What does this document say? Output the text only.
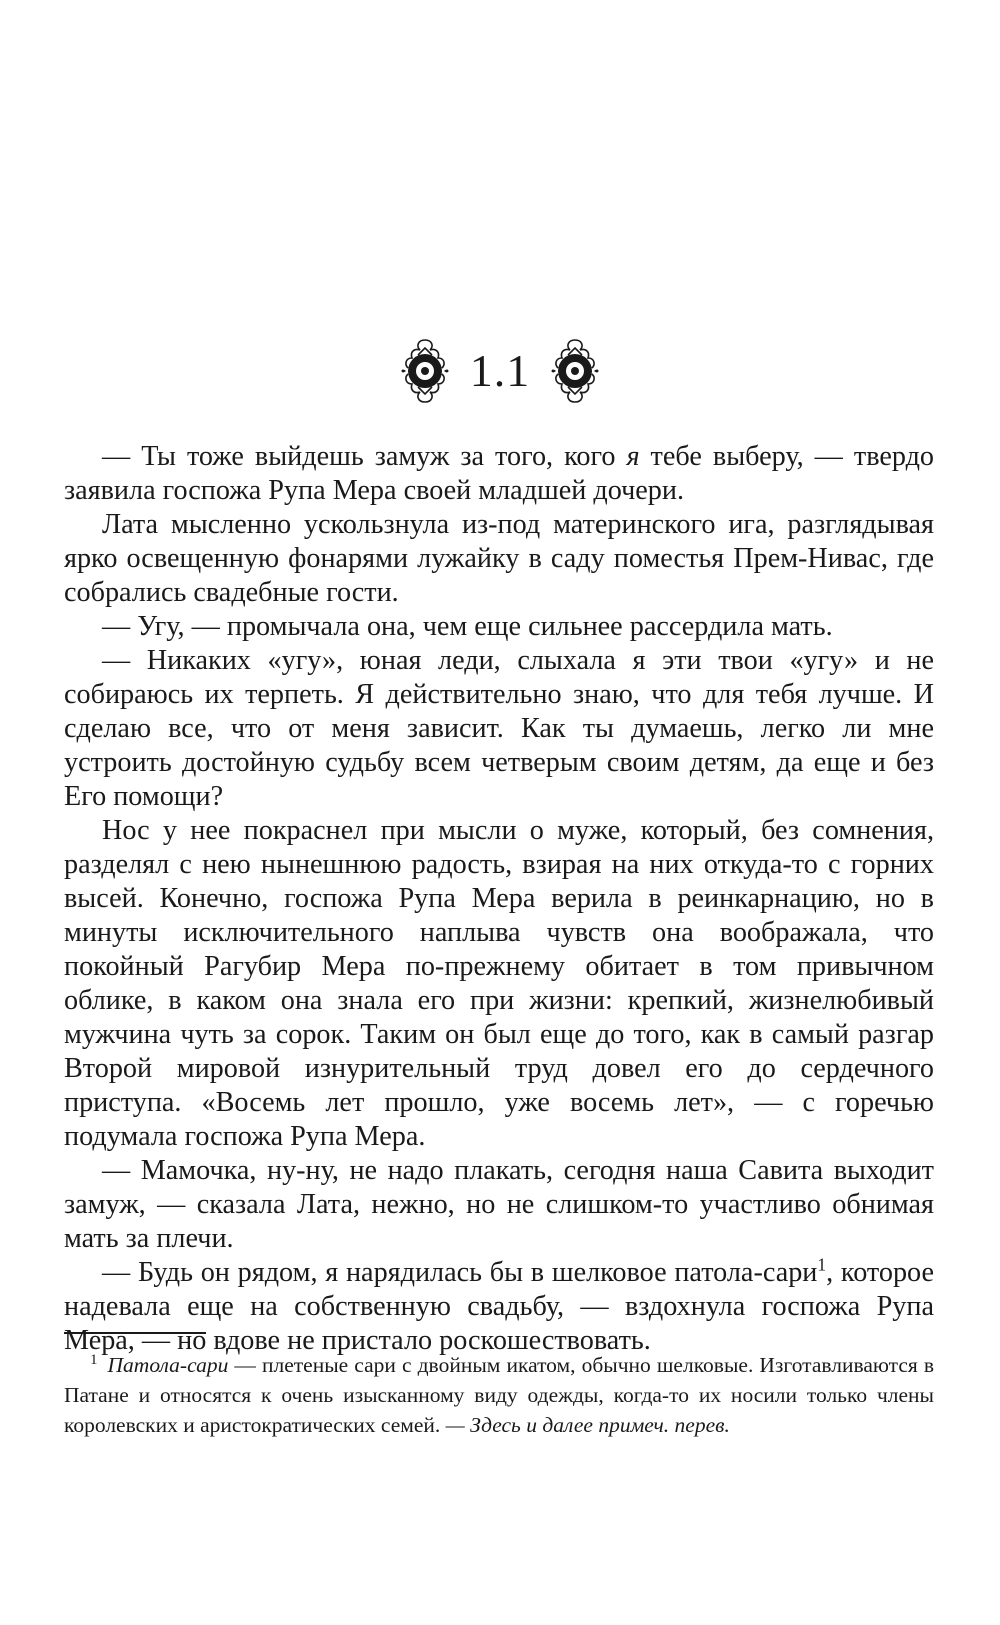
1.1

— Ты тоже выйдешь замуж за того, кого я тебе выберу, — твердо заявила госпожа Рупа Мера своей младшей дочери.

Лата мысленно ускользнула из-под материнского ига, разглядывая ярко освещенную фонарями лужайку в саду поместья Прем-Нивас, где собрались свадебные гости.

— Угу, — промычала она, чем еще сильнее рассердила мать.

— Никаких «угу», юная леди, слыхала я эти твои «угу» и не собираюсь их терпеть. Я действительно знаю, что для тебя лучше. И сделаю все, что от меня зависит. Как ты думаешь, легко ли мне устроить достойную судьбу всем четверым своим детям, да еще и без Его помощи?

Нос у нее покраснел при мысли о муже, который, без сомнения, разделял с нею нынешнюю радость, взирая на них откуда-то с горних высей. Конечно, госпожа Рупа Мера верила в реинкарнацию, но в минуты исключительного наплыва чувств она воображала, что покойный Рагубир Мера по-прежнему обитает в том привычном облике, в каком она знала его при жизни: крепкий, жизнелюбивый мужчина чуть за сорок. Таким он был еще до того, как в самый разгар Второй мировой изнурительный труд довел его до сердечного приступа. «Восемь лет прошло, уже восемь лет», — с горечью подумала госпожа Рупа Мера.

— Мамочка, ну-ну, не надо плакать, сегодня наша Савита выходит замуж, — сказала Лата, нежно, но не слишком-то участливо обнимая мать за плечи.

— Будь он рядом, я нарядилась бы в шелковое патола-сари$^1$, которое надевала еще на собственную свадьбу, — вздохнула госпожа Рупа Мера, — но вдове не пристало роскошествовать.

$^1$ Патола-сари — плетеные сари с двойным икатом, обычно шелковые. Изготавливаются в Патане и относятся к очень изысканному виду одежды, когда-то их носили только члены королевских и аристократических семей. — Здесь и далее примеч. перев.
